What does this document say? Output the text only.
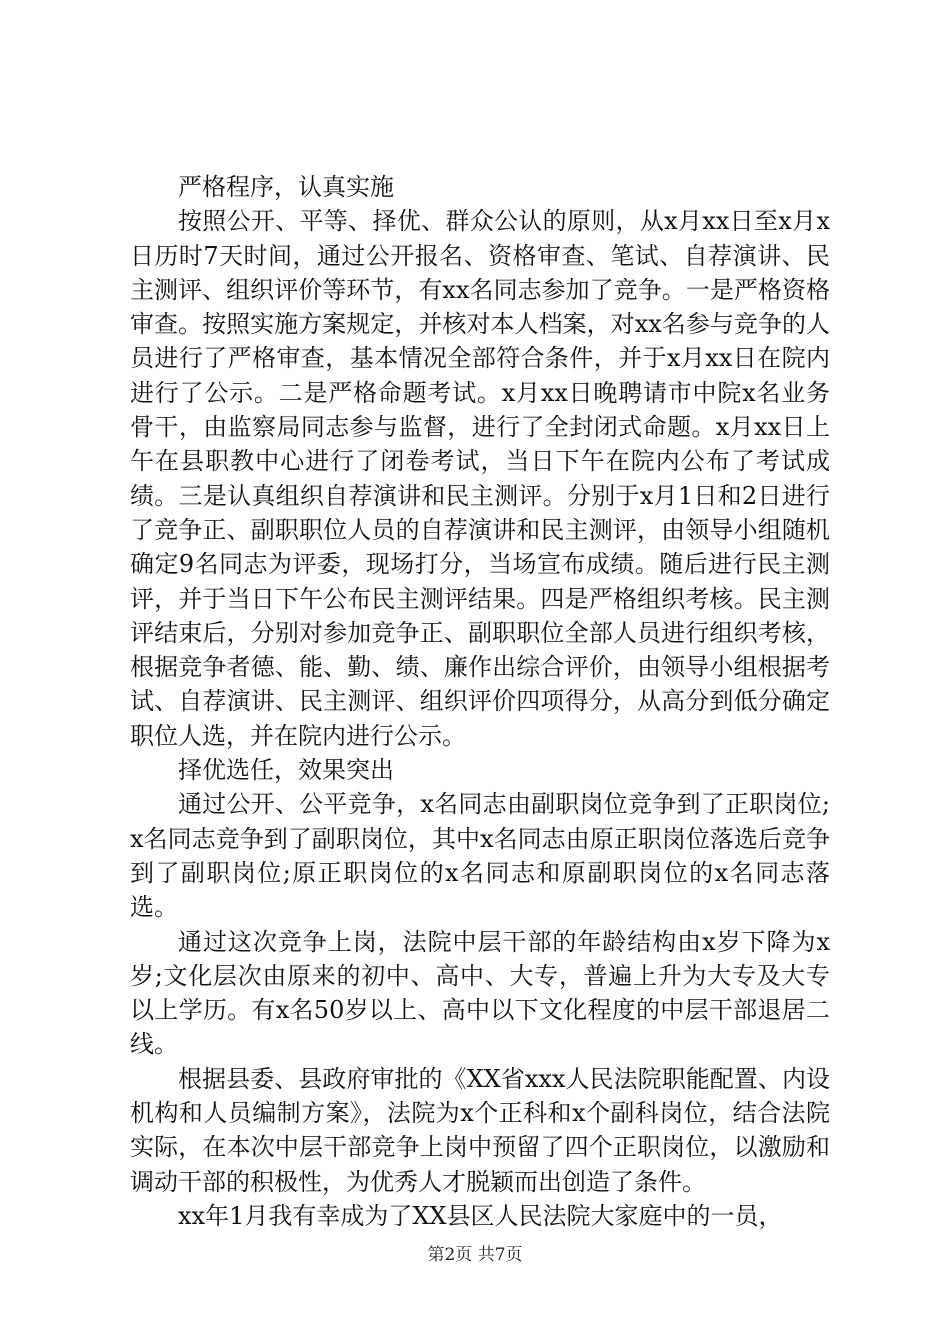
严格程序，认真实施

按照公开、平等、择优、群众公认的原则，从x月xx日至x月x日历时7天时间，通过公开报名、资格审查、笔试、自荐演讲、民主测评、组织评价等环节，有xx名同志参加了竞争。一是严格资格审查。按照实施方案规定，并核对本人档案，对xx名参与竞争的人员进行了严格审查，基本情况全部符合条件，并于x月xx日在院内进行了公示。二是严格命题考试。x月xx日晚聘请市中院x名业务骨干，由监察局同志参与监督，进行了全封闭式命题。x月xx日上午在县职教中心进行了闭卷考试，当日下午在院内公布了考试成绩。三是认真组织自荐演讲和民主测评。分别于x月1日和2日进行了竞争正、副职职位人员的自荐演讲和民主测评，由领导小组随机确定9名同志为评委，现场打分，当场宣布成绩。随后进行民主测评，并于当日下午公布民主测评结果。四是严格组织考核。民主测评结束后，分别对参加竞争正、副职职位全部人员进行组织考核，根据竞争者德、能、勤、绩、廉作出综合评价，由领导小组根据考试、自荐演讲、民主测评、组织评价四项得分，从高分到低分确定职位人选，并在院内进行公示。

择优选任，效果突出

通过公开、公平竞争，x名同志由副职岗位竞争到了正职岗位;x名同志竞争到了副职岗位，其中x名同志由原正职岗位落选后竞争到了副职岗位;原正职岗位的x名同志和原副职岗位的x名同志落选。

通过这次竞争上岗，法院中层干部的年龄结构由x岁下降为x岁;文化层次由原来的初中、高中、大专，普遍上升为大专及大专以上学历。有x名50岁以上、高中以下文化程度的中层干部退居二线。

根据县委、县政府审批的《XX省xxx人民法院职能配置、内设机构和人员编制方案》，法院为x个正科和x个副科岗位，结合法院实际，在本次中层干部竞争上岗中预留了四个正职岗位，以激励和调动干部的积极性，为优秀人才脱颖而出创造了条件。

xx年1月我有幸成为了XX县区人民法院大家庭中的一员，

第2页 共7页
